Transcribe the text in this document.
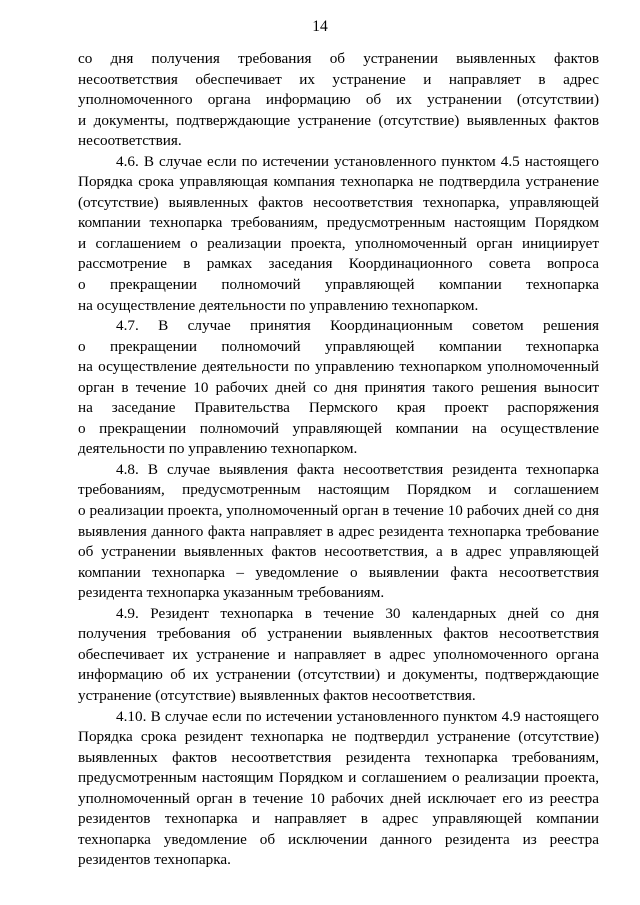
14
со дня получения требования об устранении выявленных фактов
несоответствия обеспечивает их устранение и направляет в адрес
уполномоченного органа информацию об их устранении (отсутствии)
и документы, подтверждающие устранение (отсутствие) выявленных фактов
несоответствия.
4.6. В случае если по истечении установленного пунктом 4.5 настоящего
Порядка срока управляющая компания технопарка не подтвердила устранение
(отсутствие) выявленных фактов несоответствия технопарка, управляющей
компании технопарка требованиям, предусмотренным настоящим Порядком
и соглашением о реализации проекта, уполномоченный орган инициирует
рассмотрение в рамках заседания Координационного совета вопроса
о прекращении полномочий управляющей компании технопарка
на осуществление деятельности по управлению технопарком.
4.7. В случае принятия Координационным советом решения
о прекращении полномочий управляющей компании технопарка
на осуществление деятельности по управлению технопарком уполномоченный
орган в течение 10 рабочих дней со дня принятия такого решения выносит
на заседание Правительства Пермского края проект распоряжения
о прекращении полномочий управляющей компании на осуществление
деятельности по управлению технопарком.
4.8. В случае выявления факта несоответствия резидента технопарка
требованиям, предусмотренным настоящим Порядком и соглашением
о реализации проекта, уполномоченный орган в течение 10 рабочих дней со дня
выявления данного факта направляет в адрес резидента технопарка требование
об устранении выявленных фактов несоответствия, а в адрес управляющей
компании технопарка – уведомление о выявлении факта несоответствия
резидента технопарка указанным требованиям.
4.9. Резидент технопарка в течение 30 календарных дней со дня
получения требования об устранении выявленных фактов несоответствия
обеспечивает их устранение и направляет в адрес уполномоченного органа
информацию об их устранении (отсутствии) и документы, подтверждающие
устранение (отсутствие) выявленных фактов несоответствия.
4.10. В случае если по истечении установленного пунктом 4.9 настоящего
Порядка срока резидент технопарка не подтвердил устранение (отсутствие)
выявленных фактов несоответствия резидента технопарка требованиям,
предусмотренным настоящим Порядком и соглашением о реализации проекта,
уполномоченный орган в течение 10 рабочих дней исключает его из реестра
резидентов технопарка и направляет в адрес управляющей компании
технопарка уведомление об исключении данного резидента из реестра
резидентов технопарка.
